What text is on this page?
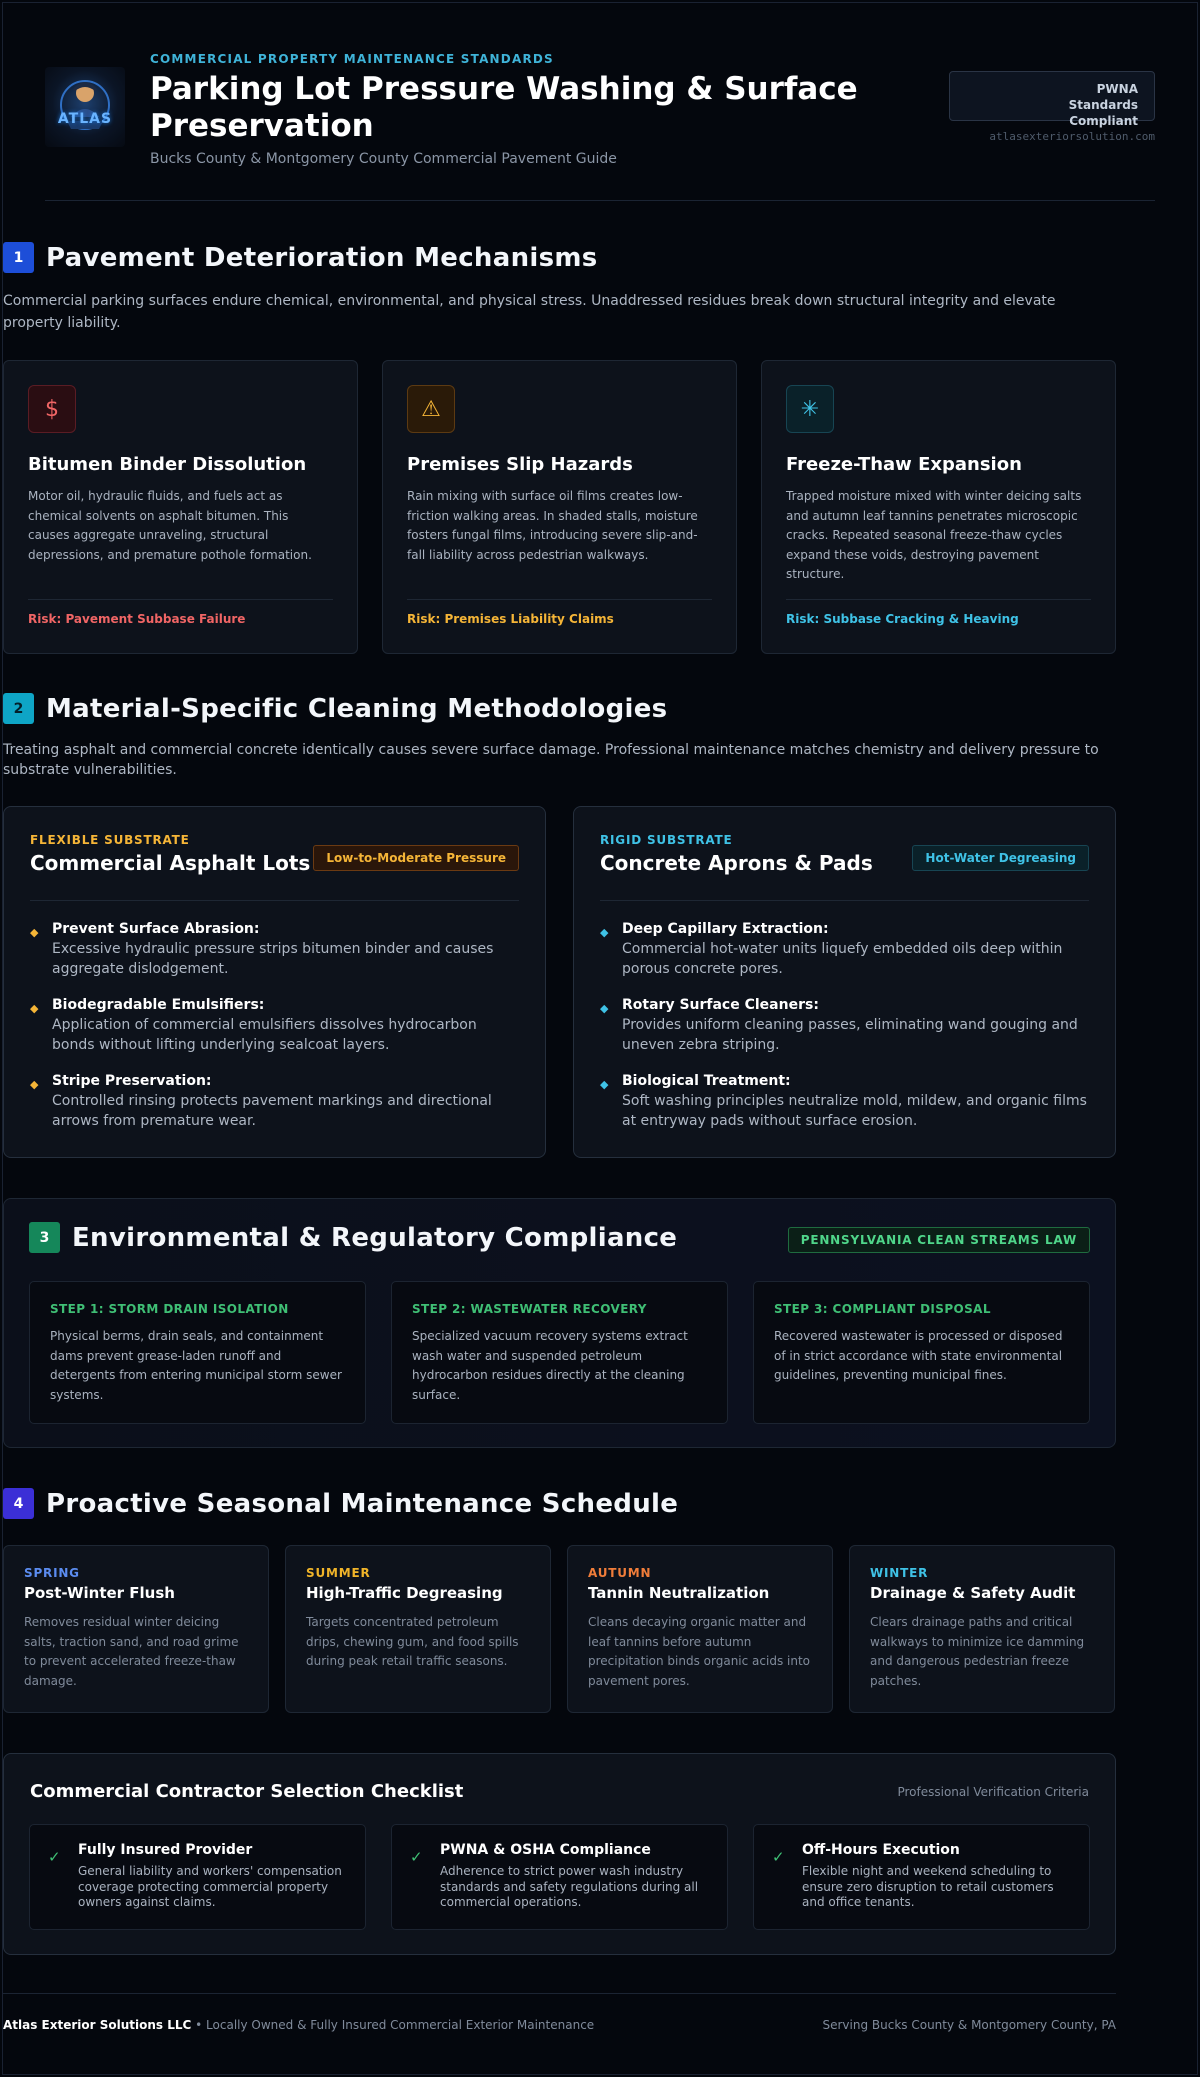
ATLAS
COMMERCIAL PROPERTY MAINTENANCE STANDARDS
Parking Lot Pressure Washing & Surface Preservation
Bucks County & Montgomery County Commercial Pavement Guide
PWNA Standards Compliant
atlasexteriorsolution.com
1 Pavement Deterioration Mechanisms
Commercial parking surfaces endure chemical, environmental, and physical stress. Unaddressed residues break down structural integrity and elevate property liability.
$
Bitumen Binder Dissolution

Motor oil, hydraulic fluids, and fuels act as chemical solvents on asphalt bitumen. This causes aggregate unraveling, structural depressions, and premature pothole formation.

Risk: Pavement Subbase Failure
⚠
Premises Slip Hazards

Rain mixing with surface oil films creates low-friction walking areas. In shaded stalls, moisture fosters fungal films, introducing severe slip-and-fall liability across pedestrian walkways.

Risk: Premises Liability Claims
✳
Freeze-Thaw Expansion

Trapped moisture mixed with winter deicing salts and autumn leaf tannins penetrates microscopic cracks. Repeated seasonal freeze-thaw cycles expand these voids, destroying pavement structure.

Risk: Subbase Cracking & Heaving
2 Material-Specific Cleaning Methodologies
Treating asphalt and commercial concrete identically causes severe surface damage. Professional maintenance matches chemistry and delivery pressure to substrate vulnerabilities.
FLEXIBLE SUBSTRATE
Commercial Asphalt Lots	Low-to-Moderate Pressure
◆ Prevent Surface Abrasion:
Excessive hydraulic pressure strips bitumen binder and causes aggregate dislodgement.
◆ Biodegradable Emulsifiers:
Application of commercial emulsifiers dissolves hydrocarbon bonds without lifting underlying sealcoat layers.
◆ Stripe Preservation:
Controlled rinsing protects pavement markings and directional arrows from premature wear.
RIGID SUBSTRATE
Concrete Aprons & Pads	Hot-Water Degreasing
◆ Deep Capillary Extraction:
Commercial hot-water units liquefy embedded oils deep within porous concrete pores.
◆ Rotary Surface Cleaners:
Provides uniform cleaning passes, eliminating wand gouging and uneven zebra striping.
◆ Biological Treatment:
Soft washing principles neutralize mold, mildew, and organic films at entryway pads without surface erosion.
3 Environmental & Regulatory Compliance	PENNSYLVANIA CLEAN STREAMS LAW
STEP 1: STORM DRAIN ISOLATION

Physical berms, drain seals, and containment dams prevent grease-laden runoff and detergents from entering municipal storm sewer systems.

STEP 2: WASTEWATER RECOVERY

Specialized vacuum recovery systems extract wash water and suspended petroleum hydrocarbon residues directly at the cleaning surface.

STEP 3: COMPLIANT DISPOSAL

Recovered wastewater is processed or disposed of in strict accordance with state environmental guidelines, preventing municipal fines.

4 Proactive Seasonal Maintenance Schedule
SPRING
Post-Winter Flush

Removes residual winter deicing salts, traction sand, and road grime to prevent accelerated freeze-thaw damage.

SUMMER
High-Traffic Degreasing

Targets concentrated petroleum drips, chewing gum, and food spills during peak retail traffic seasons.

AUTUMN
Tannin Neutralization

Cleans decaying organic matter and leaf tannins before autumn precipitation binds organic acids into pavement pores.

WINTER
Drainage & Safety Audit

Clears drainage paths and critical walkways to minimize ice damming and dangerous pedestrian freeze patches.

Commercial Contractor Selection Checklist	Professional Verification Criteria
✓ Fully Insured Provider
General liability and workers' compensation coverage protecting commercial property owners against claims.
✓ PWNA & OSHA Compliance
Adherence to strict power wash industry standards and safety regulations during all commercial operations.
✓ Off-Hours Execution
Flexible night and weekend scheduling to ensure zero disruption to retail customers and office tenants.
Atlas Exterior Solutions LLC • Locally Owned & Fully Insured Commercial Exterior Maintenance	Serving Bucks County & Montgomery County, PA
